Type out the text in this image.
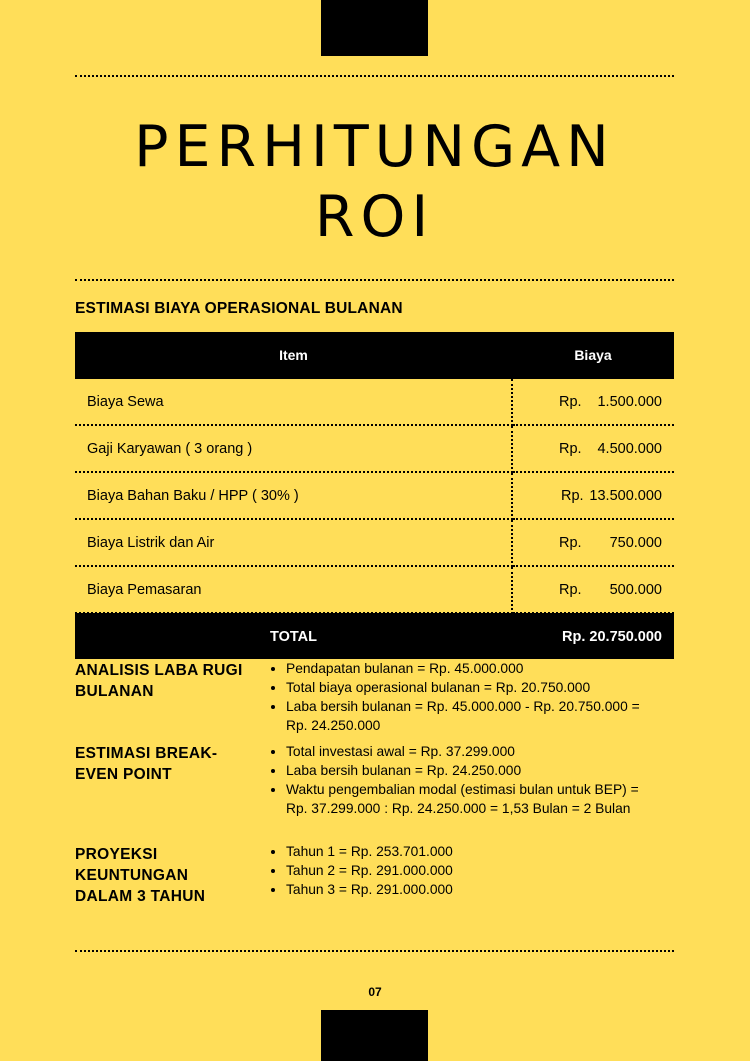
PERHITUNGAN
ROI
ESTIMASI BIAYA OPERASIONAL BULANAN
Item	Biaya
Biaya Sewa	Rp. 1.500.000

Gaji Karyawan ( 3 orang )	Rp. 4.500.000

Biaya Bahan Baku / HPP ( 30% )	Rp. 13.500.000

Biaya Listrik dan Air	Rp. 750.000

Biaya Pemasaran	Rp. 500.000

TOTAL	Rp. 20.750.000
ANALISIS LABA RUGI BULANAN
• Pendapatan bulanan = Rp. 45.000.000
• Total biaya operasional bulanan = Rp. 20.750.000
• Laba bersih bulanan = Rp. 45.000.000 - Rp. 20.750.000 = Rp. 24.250.000
ESTIMASI BREAK-EVEN POINT
• Total investasi awal = Rp. 37.299.000
• Laba bersih bulanan = Rp. 24.250.000
• Waktu pengembalian modal (estimasi bulan untuk BEP) = Rp. 37.299.000 : Rp. 24.250.000 = 1,53 Bulan = 2 Bulan
PROYEKSI KEUNTUNGAN DALAM 3 TAHUN
• Tahun 1 = Rp. 253.701.000
• Tahun 2 = Rp. 291.000.000
• Tahun 3 = Rp. 291.000.000
07
